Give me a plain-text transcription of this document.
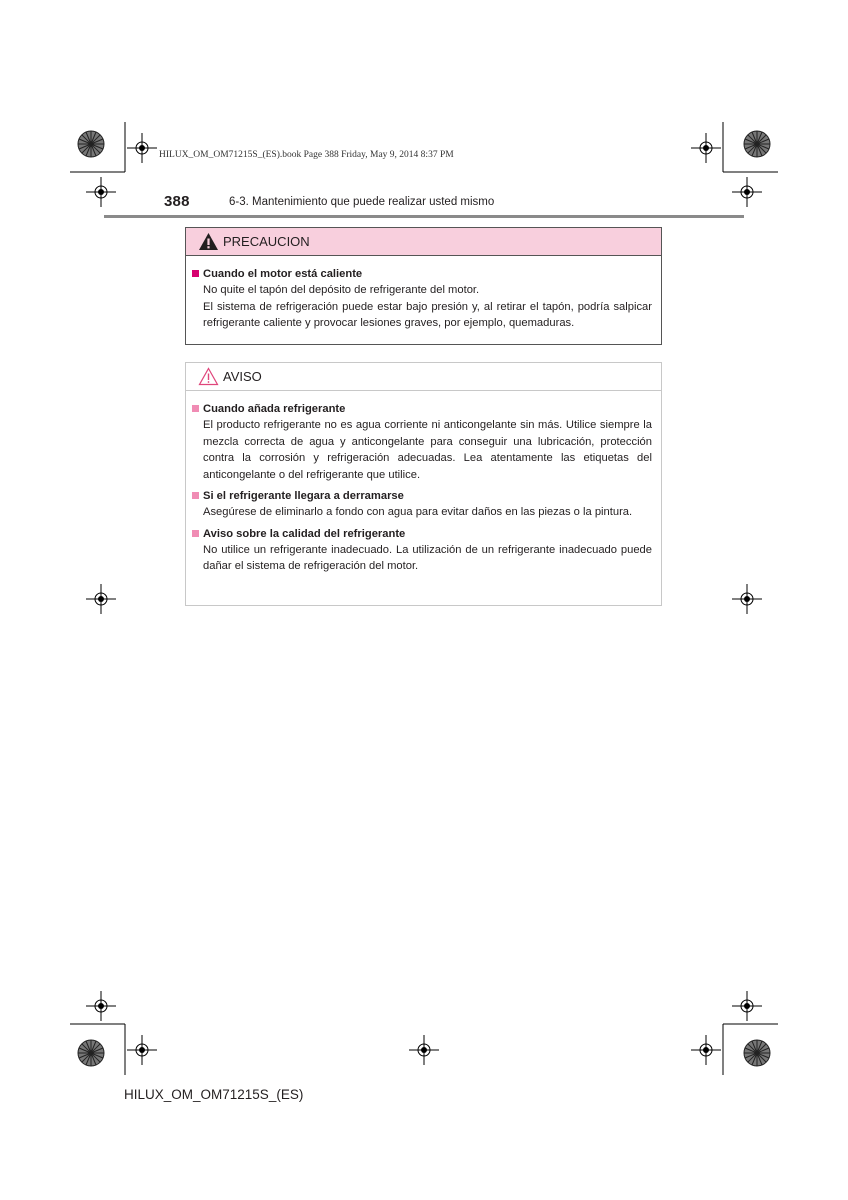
HILUX_OM_OM71215S_(ES).book Page 388 Friday, May 9, 2014 8:37 PM
388	6-3. Mantenimiento que puede realizar usted mismo
PRECAUCION
Cuando el motor está caliente

No quite el tapón del depósito de refrigerante del motor.

El sistema de refrigeración puede estar bajo presión y, al retirar el tapón, podría salpicar refrigerante caliente y provocar lesiones graves, por ejemplo, quemaduras.

AVISO
Cuando añada refrigerante

El producto refrigerante no es agua corriente ni anticongelante sin más. Utilice siempre la mezcla correcta de agua y anticongelante para conseguir una lubricación, protección contra la corrosión y refrigeración adecuadas. Lea atentamente las etiquetas del anticongelante o del refrigerante que utilice.

Si el refrigerante llegara a derramarse

Asegúrese de eliminarlo a fondo con agua para evitar daños en las piezas o la pintura.

Aviso sobre la calidad del refrigerante

No utilice un refrigerante inadecuado. La utilización de un refrigerante inadecuado puede dañar el sistema de refrigeración del motor.

HILUX_OM_OM71215S_(ES)
